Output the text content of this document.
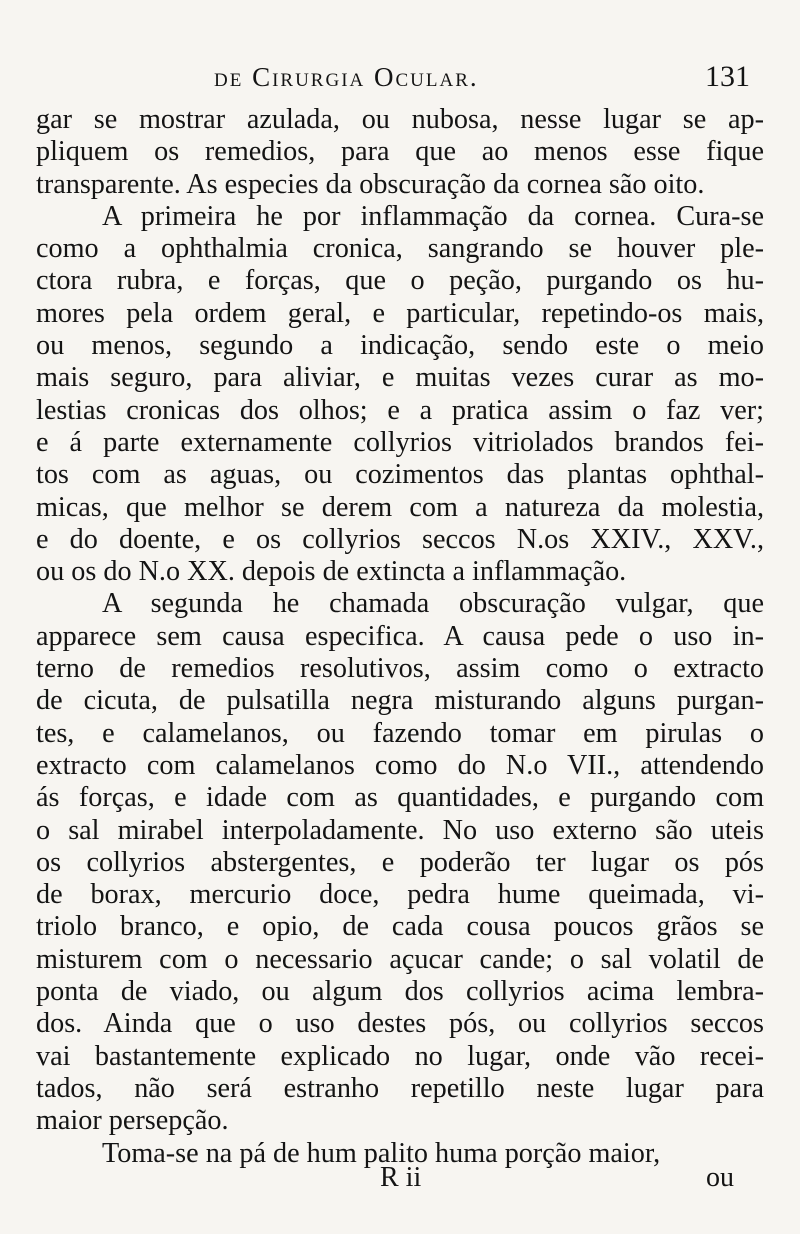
de Cirurgia Ocular.	131
gar se mostrar azulada, ou nubosa, nesse lugar se ap-
pliquem os remedios, para que ao menos esse fique
transparente. As especies da obscuração da cornea são oito.
A primeira he por inflammação da cornea. Cura-se
como a ophthalmia cronica, sangrando se houver ple-
ctora rubra, e forças, que o peção, purgando os hu-
mores pela ordem geral, e particular, repetindo-os mais,
ou menos, segundo a indicação, sendo este o meio
mais seguro, para aliviar, e muitas vezes curar as mo-
lestias cronicas dos olhos; e a pratica assim o faz ver;
e á parte externamente collyrios vitriolados brandos fei-
tos com as aguas, ou cozimentos das plantas ophthal-
micas, que melhor se derem com a natureza da molestia,
e do doente, e os collyrios seccos N.os XXIV., XXV.,
ou os do N.o XX. depois de extincta a inflammação.
A segunda he chamada obscuração vulgar, que
apparece sem causa especifica. A causa pede o uso in-
terno de remedios resolutivos, assim como o extracto
de cicuta, de pulsatilla negra misturando alguns purgan-
tes, e calamelanos, ou fazendo tomar em pirulas o
extracto com calamelanos como do N.o VII., attendendo
ás forças, e idade com as quantidades, e purgando com
o sal mirabel interpoladamente. No uso externo são uteis
os collyrios abstergentes, e poderão ter lugar os pós
de borax, mercurio doce, pedra hume queimada, vi-
triolo branco, e opio, de cada cousa poucos grãos se
misturem com o necessario açucar cande; o sal volatil de
ponta de viado, ou algum dos collyrios acima lembra-
dos. Ainda que o uso destes pós, ou collyrios seccos
vai bastantemente explicado no lugar, onde vão recei-
tados, não será estranho repetillo neste lugar para
maior persepção.
Toma-se na pá de hum palito huma porção maior,
R ii	ou
